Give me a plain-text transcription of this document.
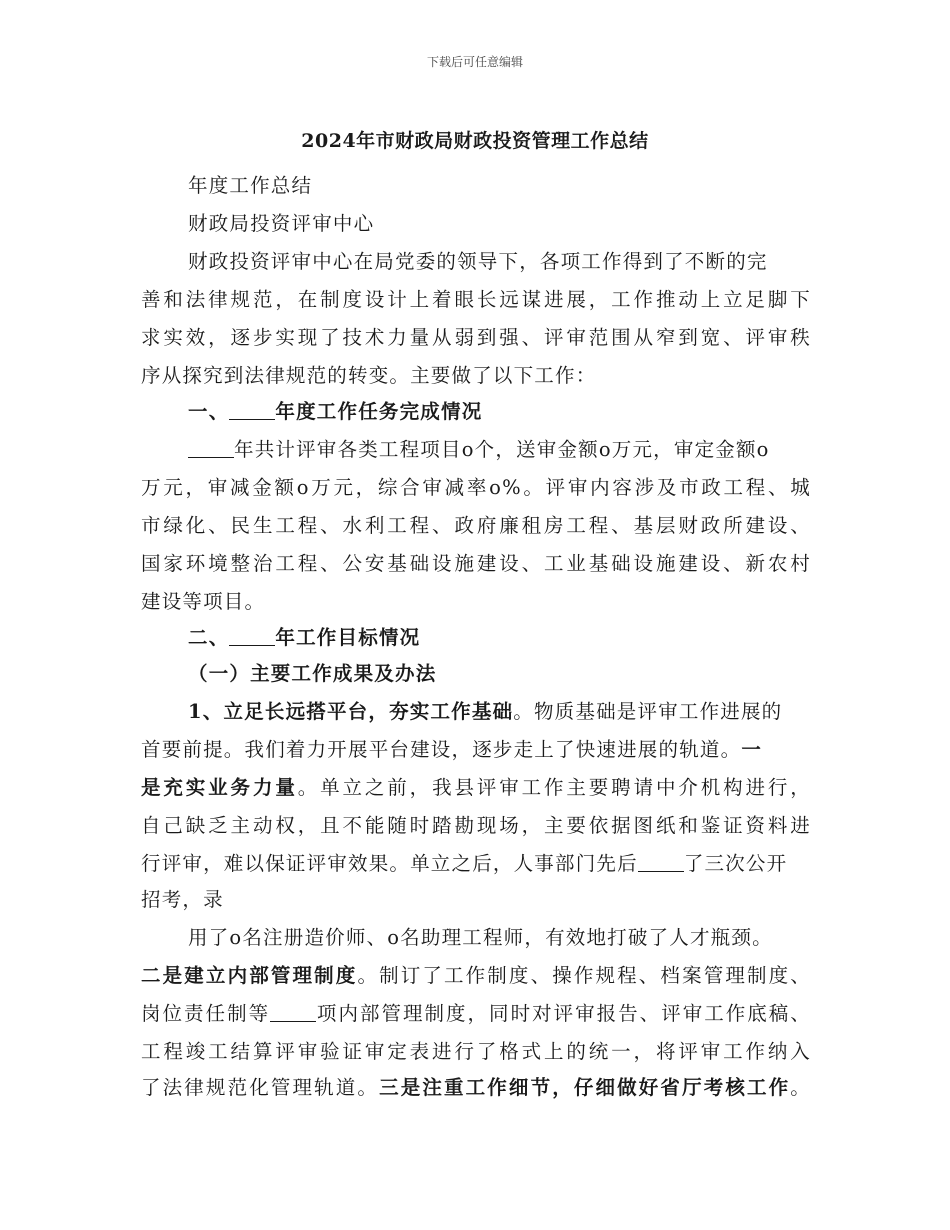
下载后可任意编辑
2024年市财政局财政投资管理工作总结
年度工作总结
财政局投资评审中心
财政投资评审中心在局党委的领导下，各项工作得到了不断的完
善和法律规范，在制度设计上着眼长远谋进展，工作推动上立足脚下
求实效，逐步实现了技术力量从弱到强、评审范围从窄到宽、评审秩
序从探究到法律规范的转变。主要做了以下工作：
一、 年度工作任务完成情况
年共计评审各类工程项目o个，送审金额o万元，审定金额o
万元，审减金额o万元，综合审减率o%。评审内容涉及市政工程、城
市绿化、民生工程、水利工程、政府廉租房工程、基层财政所建设、
国家环境整治工程、公安基础设施建设、工业基础设施建设、新农村
建设等项目。
二、 年工作目标情况
（一）主要工作成果及办法
1、立足长远搭平台，夯实工作基础。物质基础是评审工作进展的
首要前提。我们着力开展平台建设，逐步走上了快速进展的轨道。一
是充实业务力量。单立之前，我县评审工作主要聘请中介机构进行，
自己缺乏主动权，且不能随时踏勘现场，主要依据图纸和鉴证资料进
行评审，难以保证评审效果。单立之后，人事部门先后 了三次公开
招考，录
用了o名注册造价师、o名助理工程师，有效地打破了人才瓶颈。
二是建立内部管理制度。制订了工作制度、操作规程、档案管理制度、
岗位责任制等 项内部管理制度，同时对评审报告、评审工作底稿、
工程竣工结算评审验证审定表进行了格式上的统一，将评审工作纳入
了法律规范化管理轨道。三是注重工作细节，仔细做好省厅考核工作。
